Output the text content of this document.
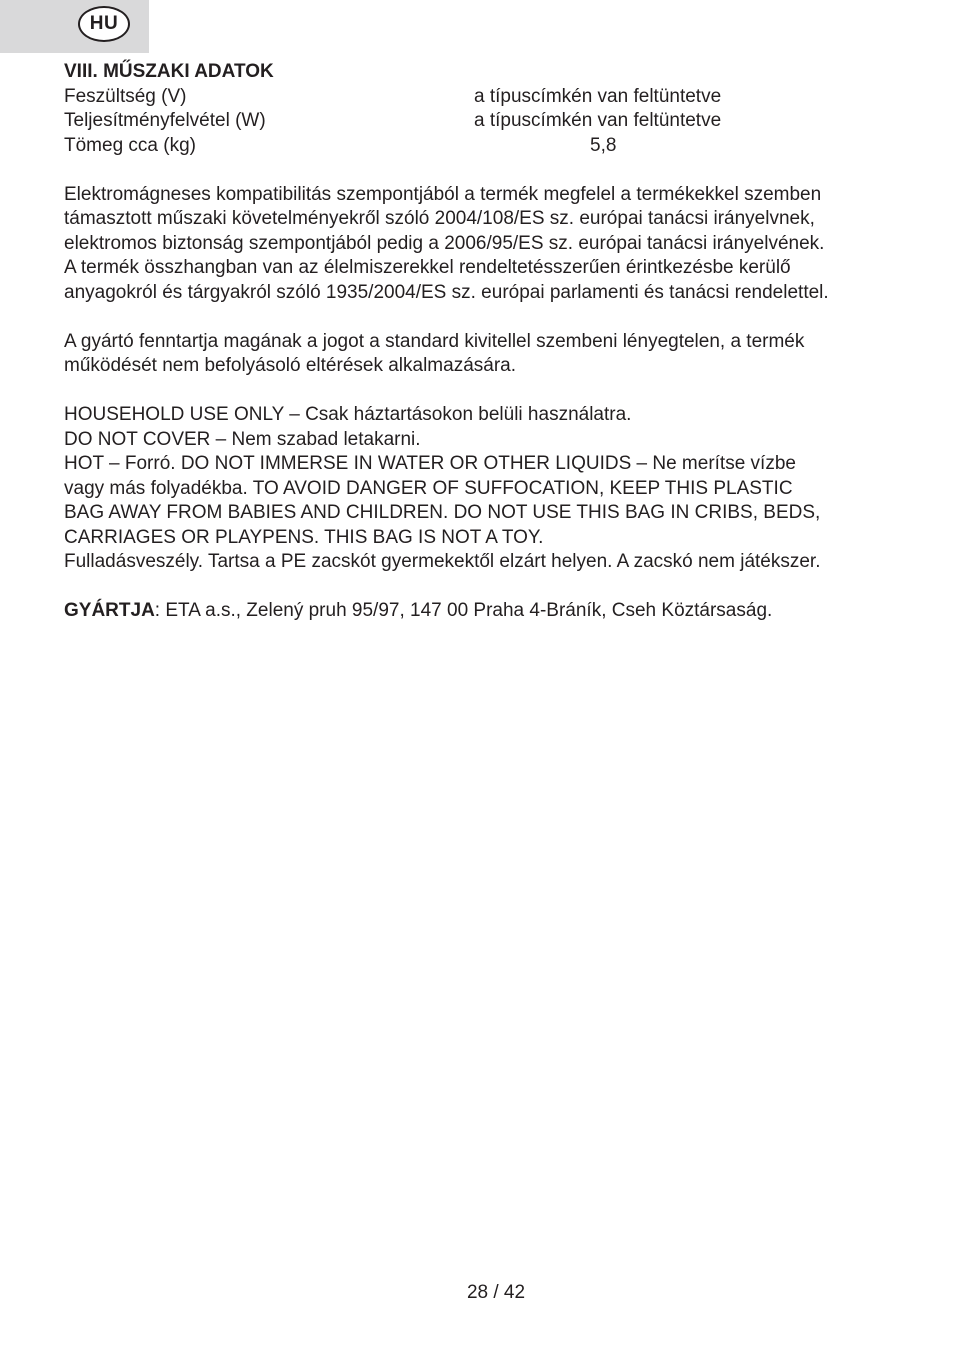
HU
VIII. MŰSZAKI ADATOK
Feszültség (V)	a típuscímkén van feltüntetve
Teljesítményfelvétel (W)	a típuscímkén van feltüntetve
Tömeg cca (kg)	5,8
Elektromágneses kompatibilitás szempontjából a termék megfelel a termékekkel szemben
támasztott műszaki követelményekről szóló 2004/108/ES sz. európai tanácsi irányelvnek,
elektromos biztonság szempontjából pedig a 2006/95/ES sz. európai tanácsi irányelvének.
A termék összhangban van az élelmiszerekkel rendeltetésszerűen érintkezésbe kerülő
anyagokról és tárgyakról szóló 1935/2004/ES sz. európai parlamenti és tanácsi rendelettel.
A gyártó fenntartja magának a jogot a standard kivitellel szembeni lényegtelen, a termék
működését nem befolyásoló eltérések alkalmazására.
HOUSEHOLD USE ONLY – Csak háztartásokon belüli használatra.
DO NOT COVER – Nem szabad letakarni.
HOT – Forró. DO NOT IMMERSE IN WATER OR OTHER LIQUIDS – Ne merítse vízbe
vagy más folyadékba. TO AVOID DANGER OF SUFFOCATION, KEEP THIS PLASTIC
BAG AWAY FROM BABIES AND CHILDREN. DO NOT USE THIS BAG IN CRIBS, BEDS,
CARRIAGES OR PLAYPENS. THIS BAG IS NOT A TOY.
Fulladásveszély. Tartsa a PE zacskót gyermekektől elzárt helyen. A zacskó nem játékszer.
GYÁRTJA: ETA a.s., Zelený pruh 95/97, 147 00 Praha 4-Bráník, Cseh Köztársaság.
28 / 42
